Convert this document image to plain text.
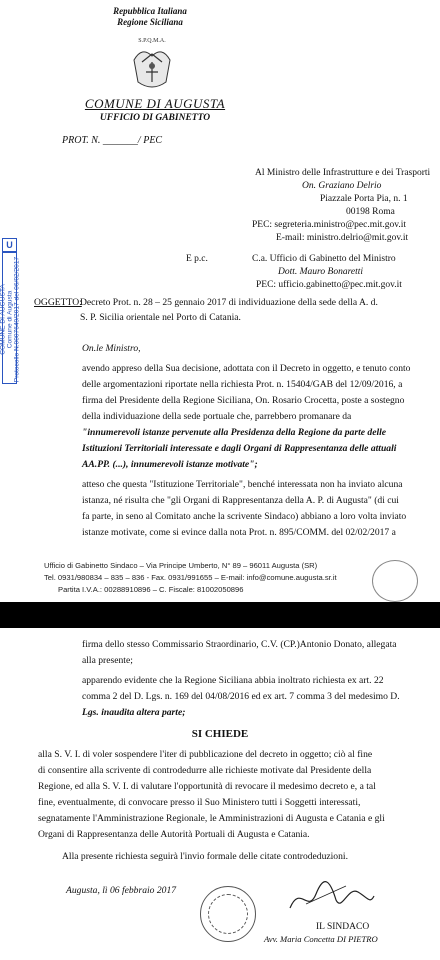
Repubblica Italiana
Regione Siciliana
S.P.Q.M.A.
COMUNE DI AUGUSTA
UFFICIO DI GABINETTO
PROT. N. _______/ PEC
Al Ministro delle Infrastrutture e dei Trasporti
On. Graziano Delrio
Piazzale Porta Pia, n. 1
00198 Roma
PEC: segreteria.ministro@pec.mit.gov.it
E-mail: ministro.delrio@mit.gov.it
E p.c.	C.a. Ufficio di Gabinetto del Ministro
Dott. Mauro Bonaretti
PEC: ufficio.gabinetto@pec.mit.gov.it
U
COMUNE DI AUGUSTA Comune di Augusta Protocollo N.0007649/2017 del 06/02/2017 OGGETTO:
Decreto Prot. n. 28 – 25 gennaio 2017 di individuazione della sede della A. d.
S. P. Sicilia orientale nel Porto di Catania.
On.le Ministro,
avendo appreso della Sua decisione, adottata con il Decreto in oggetto, e tenuto conto
delle argomentazioni riportate nella richiesta Prot. n. 15404/GAB del 12/09/2016, a
firma del Presidente della Regione Siciliana, On. Rosario Crocetta, poste a sostegno
della individuazione della sede portuale che, parrebbero promanare da
"innumerevoli istanze pervenute alla Presidenza della Regione da parte delle
Istituzioni Territoriali interessate e dagli Organi di Rappresentanza delle attuali
AA.PP. (...), innumerevoli istanze motivate";
atteso che questa "Istituzione Territoriale", benché interessata non ha inviato alcuna
istanza, né risulta che "gli Organi di Rappresentanza della A. P. di Augusta" (di cui
fa parte, in seno al Comitato anche la scrivente Sindaco) abbiano a loro volta inviato
istanze motivate, come si evince dalla nota Prot. n. 895/COMM. del 02/02/2017 a
Ufficio di Gabinetto Sindaco – Via Principe Umberto, N° 89 – 96011 Augusta (SR)
Tel. 0931/980834 – 835 – 836 - Fax. 0931/991655 – E-mail: info@comune.augusta.sr.it
Partita I.V.A.: 00288910896 – C. Fiscale: 81002050896
firma dello stesso Commissario Straordinario, C.V. (CP.)Antonio Donato, allegata
alla presente;
apparendo evidente che la Regione Siciliana abbia inoltrato richiesta ex art. 22
comma 2 del D. Lgs. n. 169 del 04/08/2016 ed ex art. 7 comma 3 del medesimo D.
Lgs. inaudita altera parte;
SI CHIEDE
alla S. V. I. di voler sospendere l'iter di pubblicazione del decreto in oggetto; ciò al fine
di consentire alla scrivente di controdedurre alle richieste motivate dal Presidente della
Regione, ed alla S. V. I. di valutare l'opportunità di revocare il medesimo decreto e, a tal
fine, eventualmente, di convocare presso il Suo Ministero tutti i Soggetti interessati,
segnatamente l'Amministrazione Regionale, le Amministrazioni di Augusta e Catania e gli
Organi di Rappresentanza delle Autorità Portuali di Augusta e Catania.
Alla presente richiesta seguirà l'invio formale delle citate controdeduzioni.
Augusta, lì 06 febbraio 2017
IL SINDACO
Avv. Maria Concetta DI PIETRO
